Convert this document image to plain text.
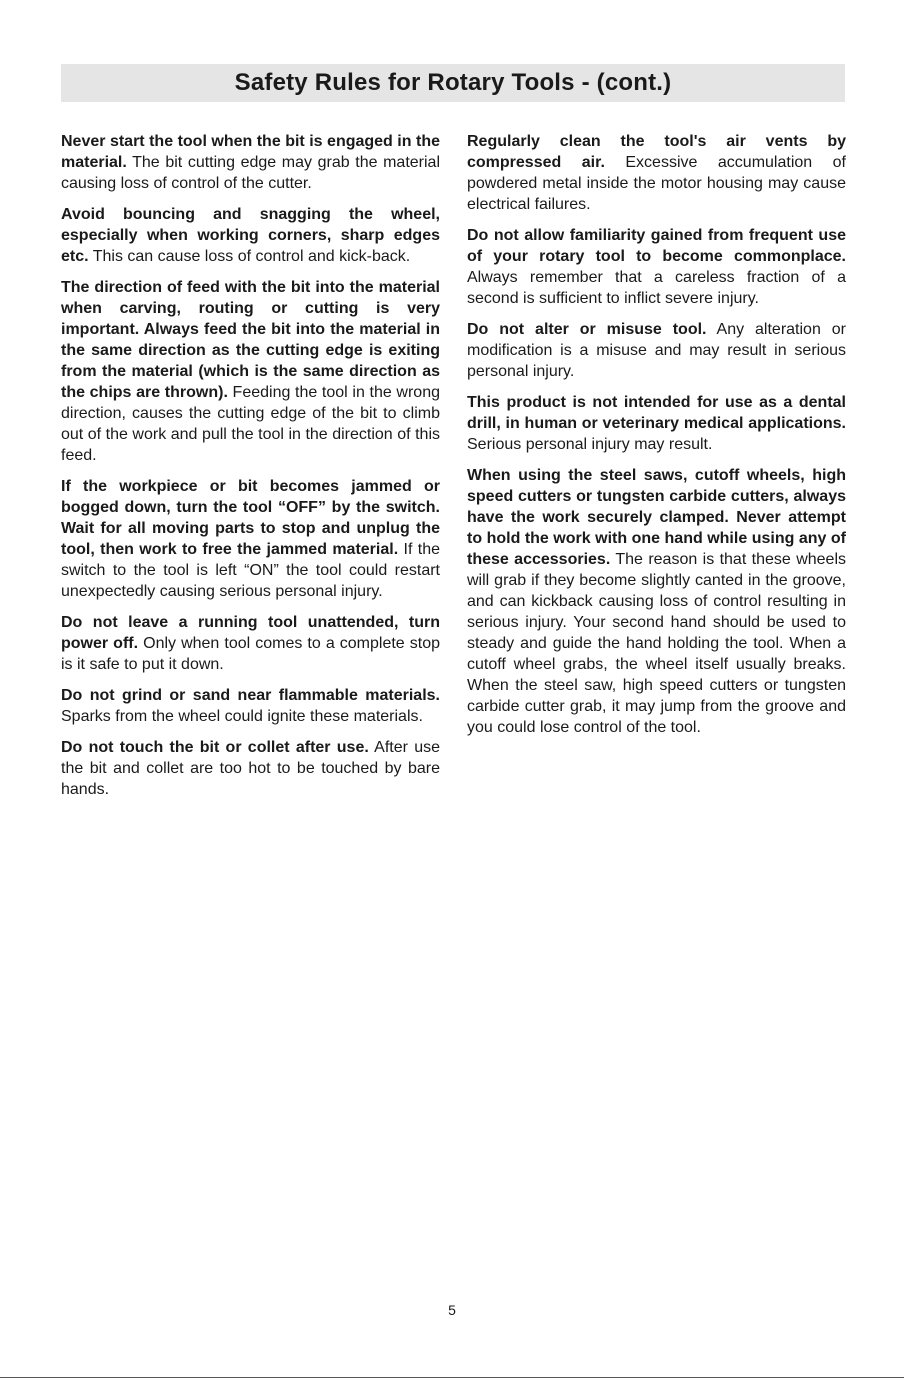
Safety Rules for Rotary Tools - (cont.)

Never start the tool when the bit is engaged in the material. The bit cutting edge may grab the material causing loss of control of the cutter.

Avoid bouncing and snagging the wheel, especially when working corners, sharp edges etc. This can cause loss of control and kick-back.

The direction of feed with the bit into the material when carving, routing or cutting is very important. Always feed the bit into the material in the same direction as the cutting edge is exiting from the material (which is the same direction as the chips are thrown). Feeding the tool in the wrong direction, causes the cutting edge of the bit to climb out of the work and pull the tool in the direction of this feed.

If the workpiece or bit becomes jammed or bogged down, turn the tool “OFF” by the switch. Wait for all moving parts to stop and unplug the tool, then work to free the jammed material. If the switch to the tool is left “ON” the tool could restart unexpectedly causing serious personal injury.

Do not leave a running tool unattended, turn power off. Only when tool comes to a complete stop is it safe to put it down.

Do not grind or sand near flammable materials. Sparks from the wheel could ignite these materials.

Do not touch the bit or collet after use. After use the bit and collet are too hot to be touched by bare hands.

Regularly clean the tool's air vents by compressed air. Excessive accumulation of powdered metal inside the motor housing may cause electrical failures.

Do not allow familiarity gained from frequent use of your rotary tool to become commonplace. Always remember that a careless fraction of a second is sufficient to inflict severe injury.

Do not alter or misuse tool. Any alteration or modification is a misuse and may result in serious personal injury.

This product is not intended for use as a dental drill, in human or veterinary medical applications. Serious personal injury may result.

When using the steel saws, cutoff wheels, high speed cutters or tungsten carbide cutters, always have the work securely clamped. Never attempt to hold the work with one hand while using any of these accessories. The reason is that these wheels will grab if they become slightly canted in the groove, and can kickback causing loss of control resulting in serious injury. Your second hand should be used to steady and guide the hand holding the tool. When a cutoff wheel grabs, the wheel itself usually breaks. When the steel saw, high speed cutters or tungsten carbide cutter grab, it may jump from the groove and you could lose control of the tool.

5
